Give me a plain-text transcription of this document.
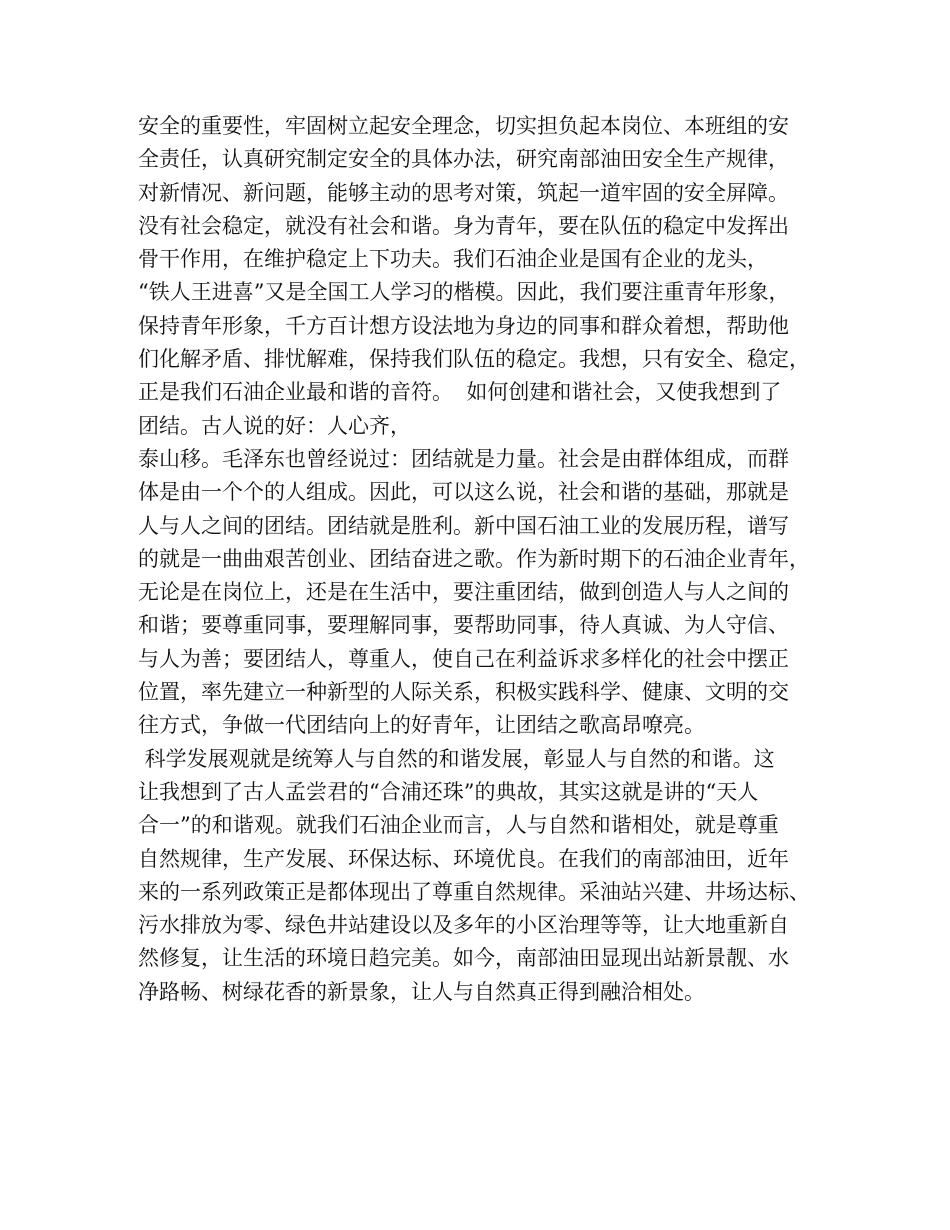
安全的重要性，牢固树立起安全理念，切实担负起本岗位、本班组的安
全责任，认真研究制定安全的具体办法，研究南部油田安全生产规律，
对新情况、新问题，能够主动的思考对策，筑起一道牢固的安全屏障。
没有社会稳定，就没有社会和谐。身为青年，要在队伍的稳定中发挥出
骨干作用，在维护稳定上下功夫。我们石油企业是国有企业的龙头，
“铁人王进喜”又是全国工人学习的楷模。因此，我们要注重青年形象，
保持青年形象，千方百计想方设法地为身边的同事和群众着想，帮助他
们化解矛盾、排忧解难，保持我们队伍的稳定。我想，只有安全、稳定，
正是我们石油企业最和谐的音符。  如何创建和谐社会，又使我想到了
团结。古人说的好：人心齐，
泰山移。毛泽东也曾经说过：团结就是力量。社会是由群体组成，而群
体是由一个个的人组成。因此，可以这么说，社会和谐的基础，那就是
人与人之间的团结。团结就是胜利。新中国石油工业的发展历程，谱写
的就是一曲曲艰苦创业、团结奋进之歌。作为新时期下的石油企业青年，
无论是在岗位上，还是在生活中，要注重团结，做到创造人与人之间的
和谐；要尊重同事，要理解同事，要帮助同事，待人真诚、为人守信、
与人为善；要团结人，尊重人，使自己在利益诉求多样化的社会中摆正
位置，率先建立一种新型的人际关系，积极实践科学、健康、文明的交
往方式，争做一代团结向上的好青年，让团结之歌高昂嘹亮。
科学发展观就是统筹人与自然的和谐发展，彰显人与自然的和谐。这
让我想到了古人孟尝君的“合浦还珠”的典故，其实这就是讲的“天人
合一”的和谐观。就我们石油企业而言，人与自然和谐相处，就是尊重
自然规律，生产发展、环保达标、环境优良。在我们的南部油田，近年
来的一系列政策正是都体现出了尊重自然规律。采油站兴建、井场达标、
污水排放为零、绿色井站建设以及多年的小区治理等等，让大地重新自
然修复，让生活的环境日趋完美。如今，南部油田显现出站新景靓、水
净路畅、树绿花香的新景象，让人与自然真正得到融洽相处。
